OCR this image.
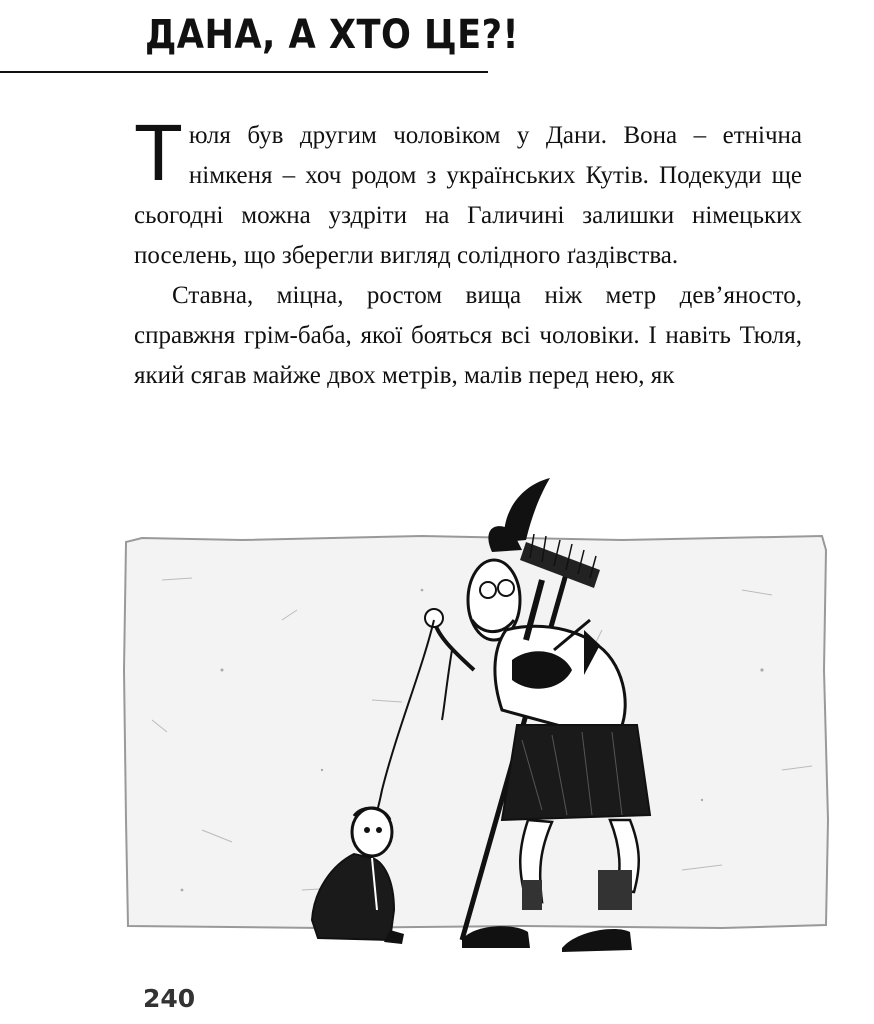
ДАНА, А ХТО ЦЕ?!

Тюля був другим чоловіком у Дани. Вона – етнічна німкеня – хоч родом з українських Кутів. Подекуди ще сьогодні можна уздріти на Галичині залишки німецьких поселень, що зберегли вигляд солідного ґаздівства.

Ставна, міцна, ростом вища ніж метр дев’яносто, справжня грім-баба, якої бояться всі чоловіки. І навіть Тюля, який сягав майже двох метрів, малів перед нею, як

240
